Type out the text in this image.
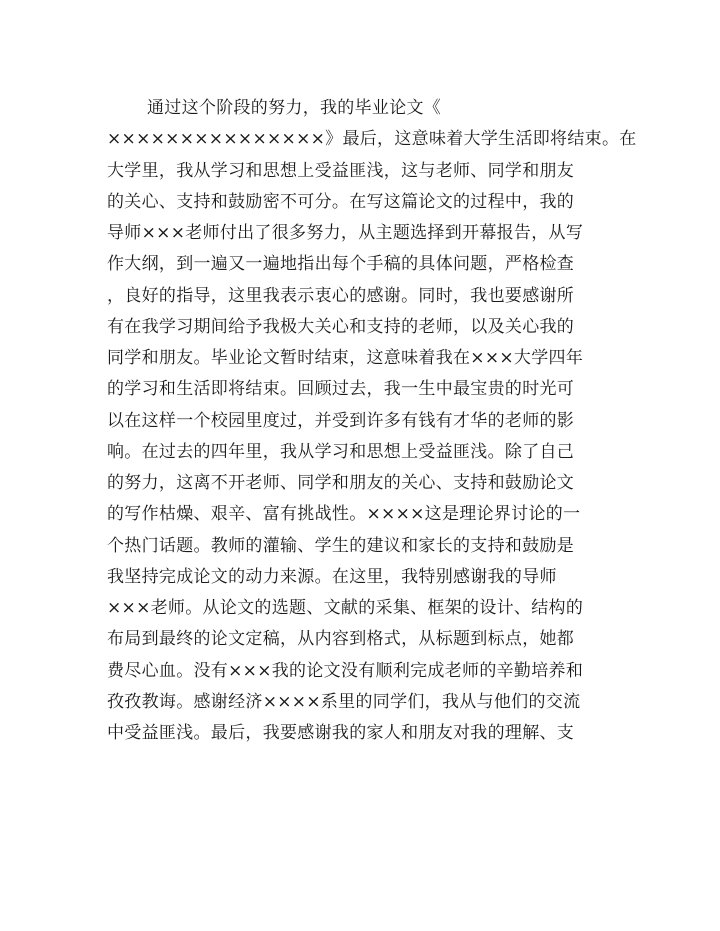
通过这个阶段的努力，我的毕业论文《
×××××××××××××××》最后，这意味着大学生活即将结束。在
大学里，我从学习和思想上受益匪浅，这与老师、同学和朋友
的关心、支持和鼓励密不可分。在写这篇论文的过程中，我的
导师×××老师付出了很多努力，从主题选择到开幕报告，从写
作大纲，到一遍又一遍地指出每个手稿的具体问题，严格检查
，良好的指导，这里我表示衷心的感谢。同时，我也要感谢所
有在我学习期间给予我极大关心和支持的老师，以及关心我的
同学和朋友。毕业论文暂时结束，这意味着我在×××大学四年
的学习和生活即将结束。回顾过去，我一生中最宝贵的时光可
以在这样一个校园里度过，并受到许多有钱有才华的老师的影
响。在过去的四年里，我从学习和思想上受益匪浅。除了自己
的努力，这离不开老师、同学和朋友的关心、支持和鼓励论文
的写作枯燥、艰辛、富有挑战性。××××这是理论界讨论的一
个热门话题。教师的灌输、学生的建议和家长的支持和鼓励是
我坚持完成论文的动力来源。在这里，我特别感谢我的导师
×××老师。从论文的选题、文献的采集、框架的设计、结构的
布局到最终的论文定稿，从内容到格式，从标题到标点，她都
费尽心血。没有×××我的论文没有顺利完成老师的辛勤培养和
孜孜教诲。感谢经济××××系里的同学们，我从与他们的交流
中受益匪浅。最后，我要感谢我的家人和朋友对我的理解、支
